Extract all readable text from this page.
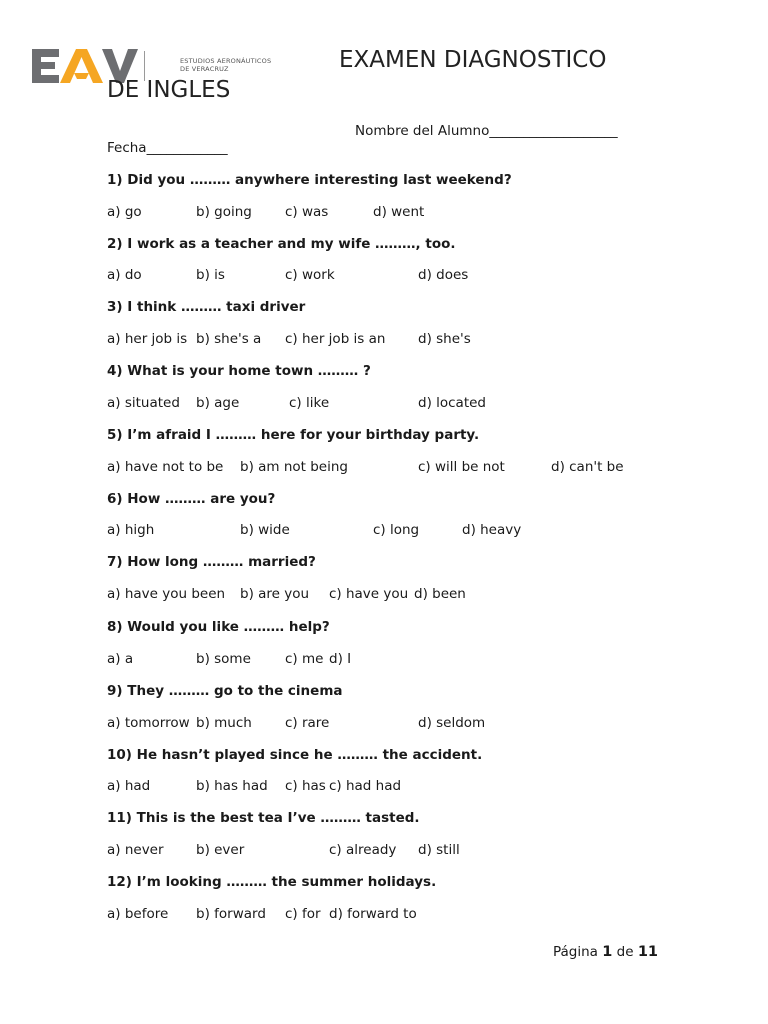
ESTUDIOS AERONÁUTICOS
DE VERACRUZ	EXAMEN DIAGNOSTICO
DE INGLES
Nombre del Alumno___________________
Fecha____________
1) Did you ……… anywhere interesting last weekend?
a) go	b) going c) was	d) went
2) I work as a teacher and my wife ………, too.
a) do	b) is	c) work	d) does
3) I think ……… taxi driver
a) her job is b) she's a c) her job is an d) she's
4) What is your home town ……… ?
a) situated b) age	c) like	d) located
5) I’m afraid I ……… here for your birthday party.
a) have not to be b) am not being	c) will be not	d) can't be
6) How ……… are you?
a) high	b) wide	c) long	d) heavy
7) How long ……… married?
a) have you been b) are you c) have you d) been
8) Would you like ……… help?
a) a	b) some	c) me d) I
9) They ……… go to the cinema
a) tomorrow b) much c) rare	d) seldom
10) He hasn’t played since he ……… the accident.
a) had	b) has had c) has c) had had
11) This is the best tea I’ve ……… tasted.
a) never b) ever	c) already d) still
12) I’m looking ……… the summer holidays.
a) before b) forward c) for d) forward to
Página 1 de 11
